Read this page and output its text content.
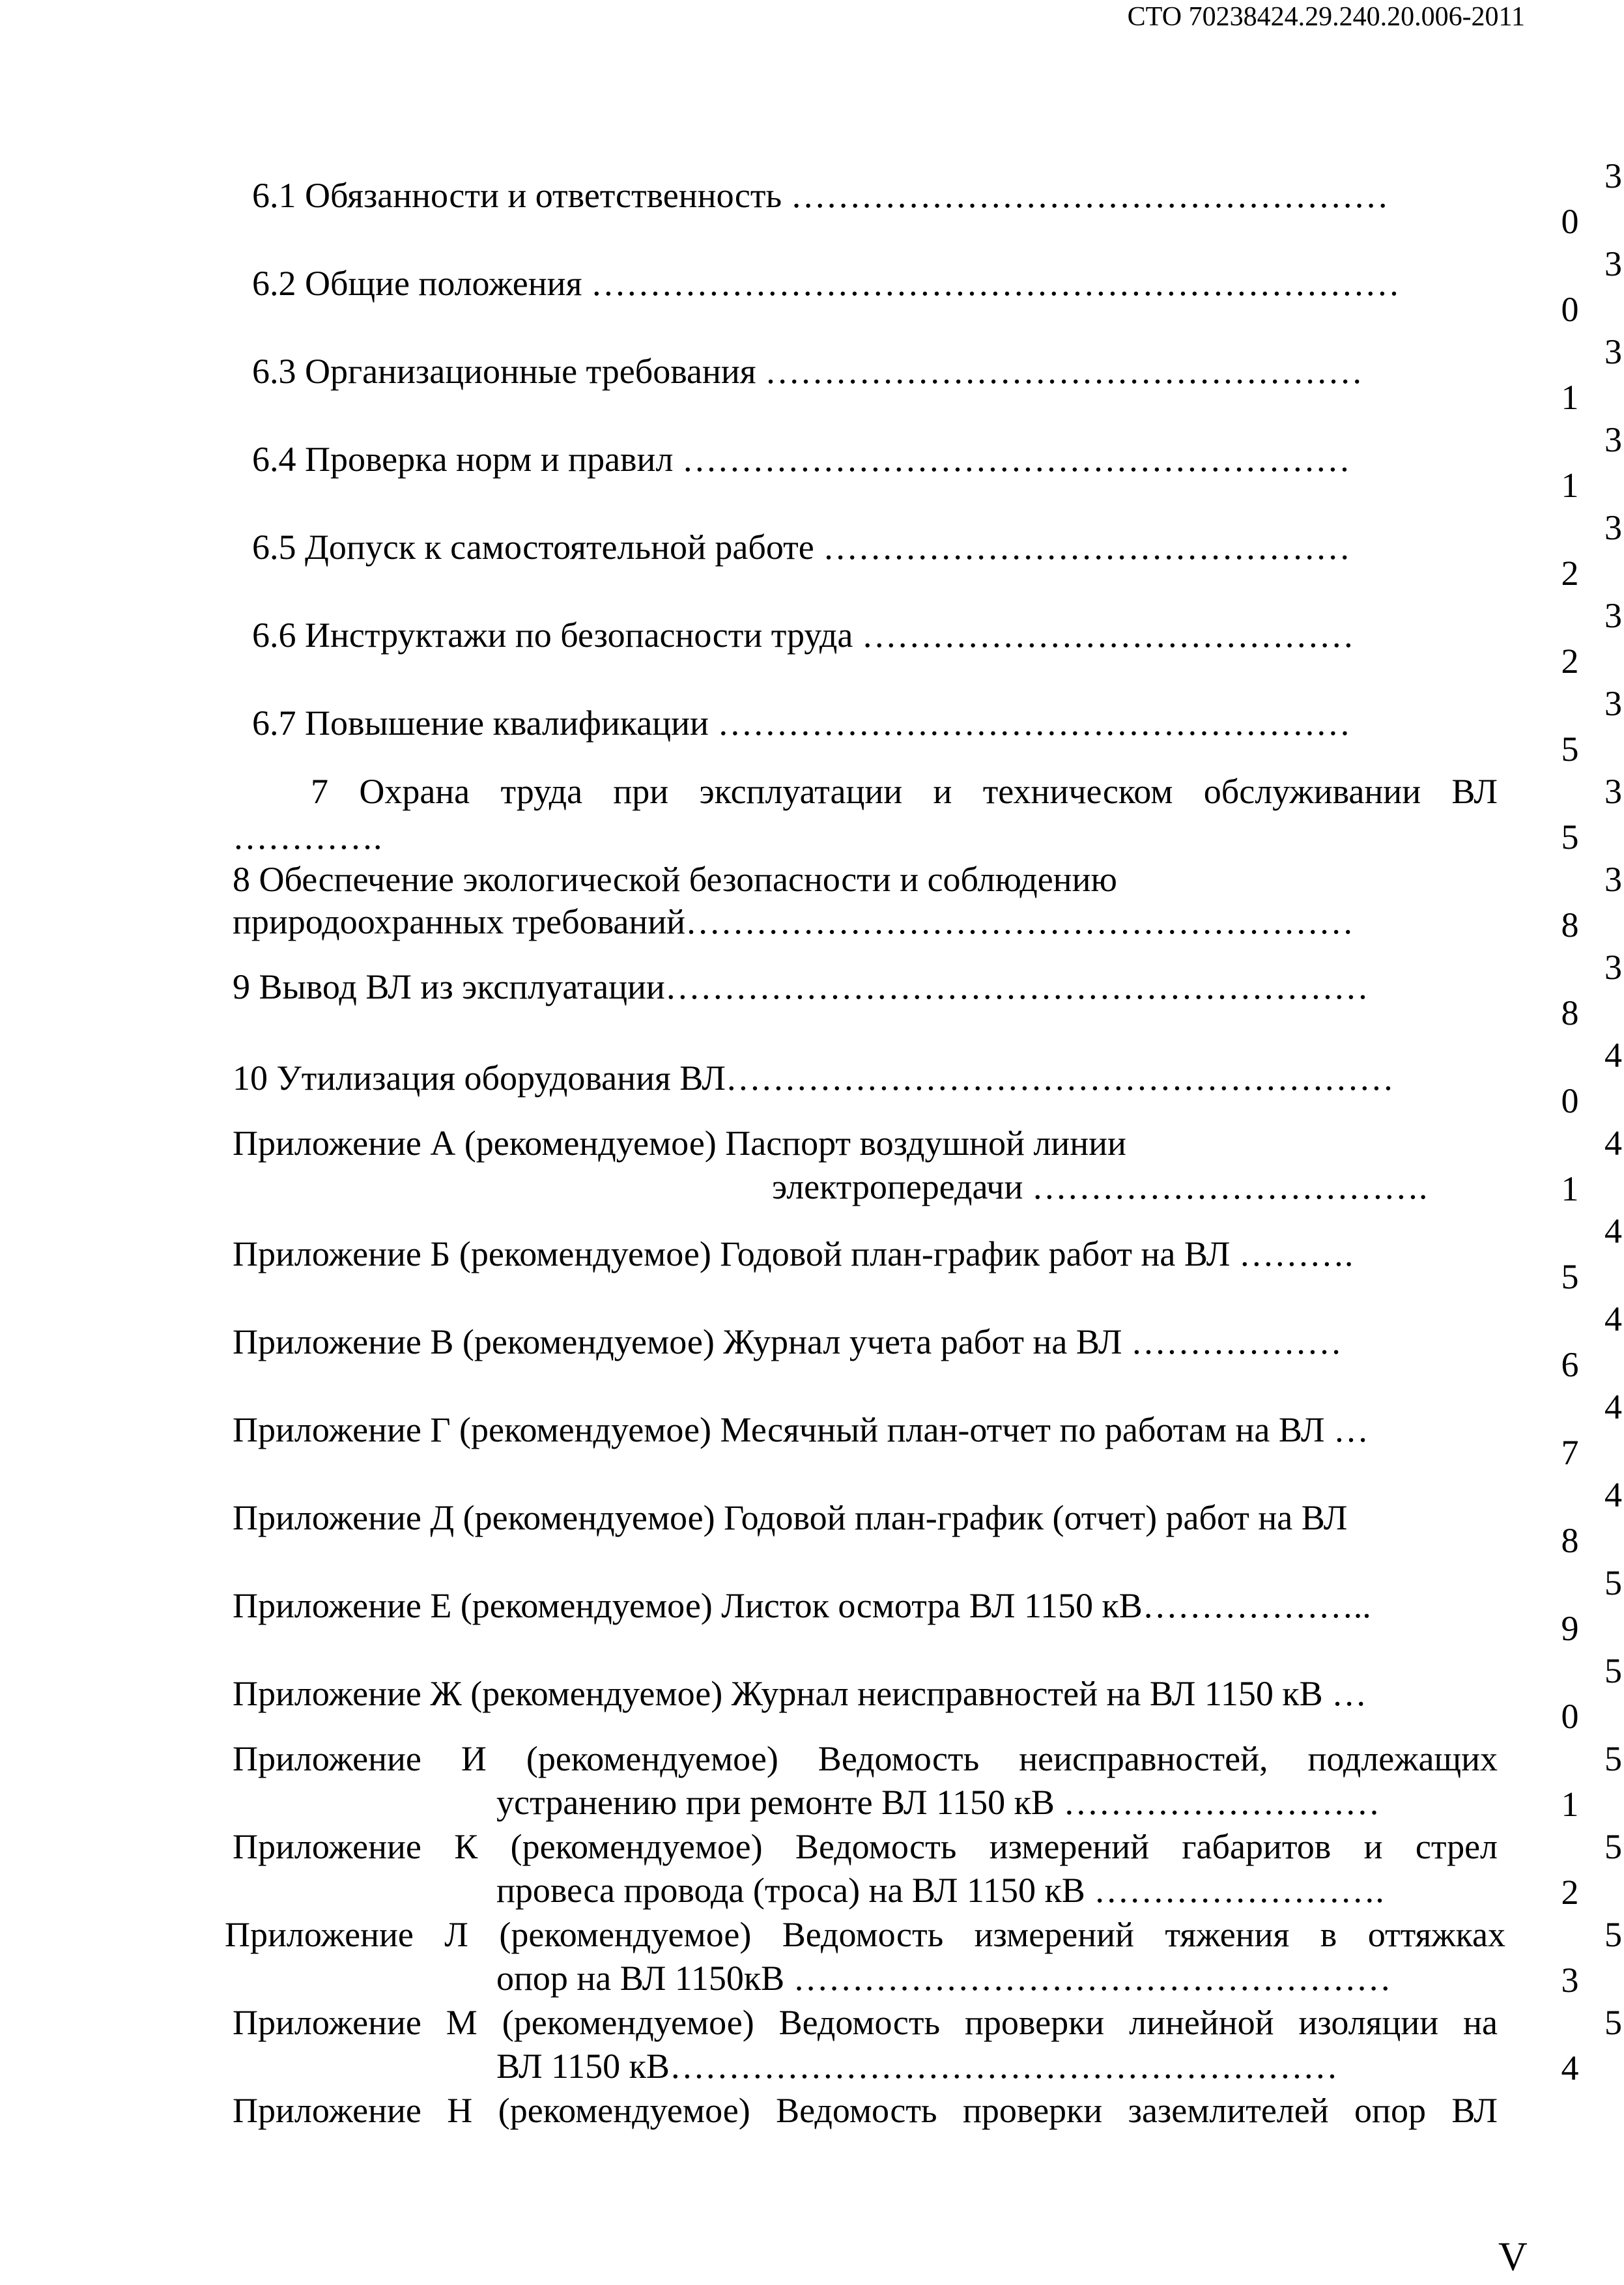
СТО 70238424.29.240.20.006-2011
6.1 Обязанности и ответственность ……………………………………………
6.2 Общие положения ……………………………………………………………
6.3 Организационные требования ……………………………………………
6.4 Проверка норм и правил …………………………………………………
6.5 Допуск к самостоятельной работе ………………………………………
6.6 Инструктажи по безопасности труда ……………………………………
6.7 Повышение квалификации ………………………………………………
7 Охрана труда при эксплуатации и техническом обслуживании ВЛ
………….
8 Обеспечение экологической безопасности и соблюдению
природоохранных требований…………………………………………………
9 Вывод ВЛ из эксплуатации……………………………………………………
10 Утилизация оборудования ВЛ…………………………………………………
Приложение А (рекомендуемое) Паспорт воздушной линии
электропередачи …………………………….
Приложение Б (рекомендуемое) Годовой план-график работ на ВЛ ……….
Приложение В (рекомендуемое) Журнал учета работ на ВЛ ………………
Приложение Г (рекомендуемое) Месячный план-отчет по работам на ВЛ …
Приложение Д (рекомендуемое) Годовой план-график (отчет) работ на ВЛ
Приложение Е (рекомендуемое) Листок осмотра ВЛ 1150 кВ………………..
Приложение Ж (рекомендуемое) Журнал неисправностей на ВЛ 1150 кВ …
Приложение И (рекомендуемое) Ведомость неисправностей, подлежащих
устранению при ремонте ВЛ 1150 кВ ………………………
Приложение К (рекомендуемое) Ведомость измерений габаритов и стрел
провеса провода (троса) на ВЛ 1150 кВ …………………….
Приложение Л (рекомендуемое) Ведомость измерений тяжения в оттяжках
опор на ВЛ 1150кВ ……………………………………………
Приложение М (рекомендуемое) Ведомость проверки линейной изоляции на
ВЛ 1150 кВ…………………………………………………
Приложение Н (рекомендуемое) Ведомость проверки заземлителей опор ВЛ
0
0
1
1
2
2
5
5
8
8
0
1
5
6
7
8
9
0
1
2
3
4
3
3
3
3
3
3
3
3
3
3
4
4
4
4
4
4
5
5
5
5
5
5
V
